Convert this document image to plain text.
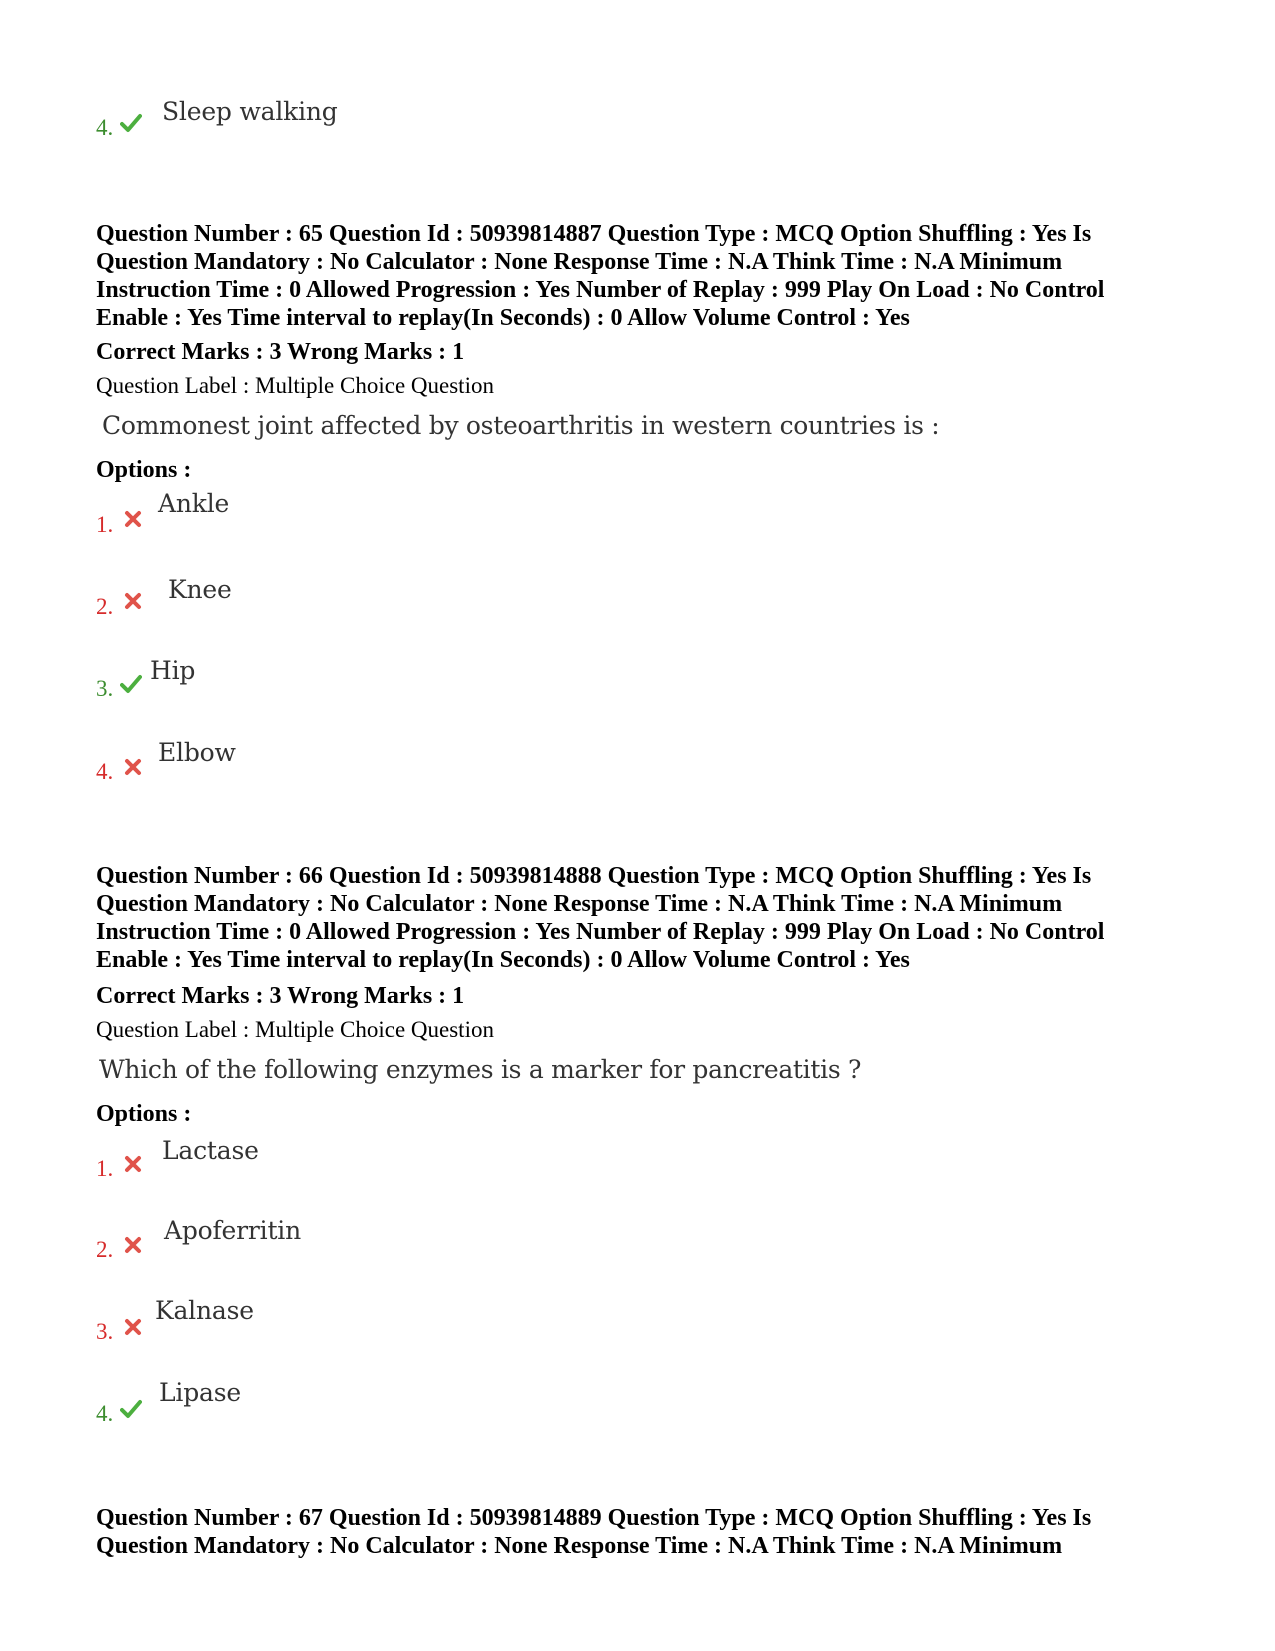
4.
Sleep walking
Question Number : 65 Question Id : 50939814887 Question Type : MCQ Option Shuffling : Yes Is
Question Mandatory : No Calculator : None Response Time : N.A Think Time : N.A Minimum
Instruction Time : 0 Allowed Progression : Yes Number of Replay : 999 Play On Load : No Control
Enable : Yes Time interval to replay(In Seconds) : 0 Allow Volume Control : Yes
Correct Marks : 3 Wrong Marks : 1
Question Label : Multiple Choice Question
Commonest joint affected by osteoarthritis in western countries is :
Options :
1.
Ankle
2.
Knee
3.
Hip
4.
Elbow
Question Number : 66 Question Id : 50939814888 Question Type : MCQ Option Shuffling : Yes Is
Question Mandatory : No Calculator : None Response Time : N.A Think Time : N.A Minimum
Instruction Time : 0 Allowed Progression : Yes Number of Replay : 999 Play On Load : No Control
Enable : Yes Time interval to replay(In Seconds) : 0 Allow Volume Control : Yes
Correct Marks : 3 Wrong Marks : 1
Question Label : Multiple Choice Question
Which of the following enzymes is a marker for pancreatitis ?
Options :
1.
Lactase
2.
Apoferritin
3.
Kalnase
4.
Lipase
Question Number : 67 Question Id : 50939814889 Question Type : MCQ Option Shuffling : Yes Is
Question Mandatory : No Calculator : None Response Time : N.A Think Time : N.A Minimum
